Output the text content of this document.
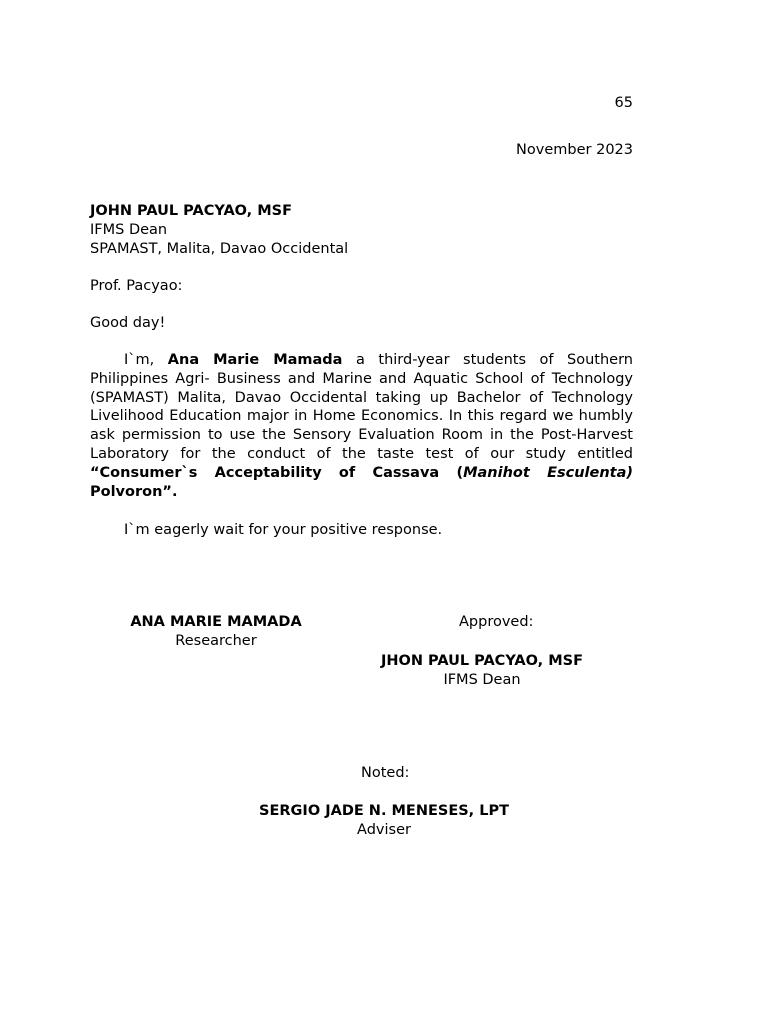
65
November 2023
JOHN PAUL PACYAO, MSF
IFMS Dean
SPAMAST, Malita, Davao Occidental
Prof. Pacyao:
Good day!
I`m, Ana Marie Mamada a third-year students of Southern Philippines Agri- Business and Marine and Aquatic School of Technology (SPAMAST) Malita, Davao Occidental taking up Bachelor of Technology Livelihood Education major in Home Economics. In this regard we humbly ask permission to use the Sensory Evaluation Room in the Post-Harvest Laboratory for the conduct of the taste test of our study entitled “Consumer`s Acceptability of Cassava (Manihot Esculenta) Polvoron”.
I`m eagerly wait for your positive response.
ANA MARIE MAMADA
Researcher
Approved:
JHON PAUL PACYAO, MSF
IFMS Dean
Noted:
SERGIO JADE N. MENESES, LPT
Adviser
